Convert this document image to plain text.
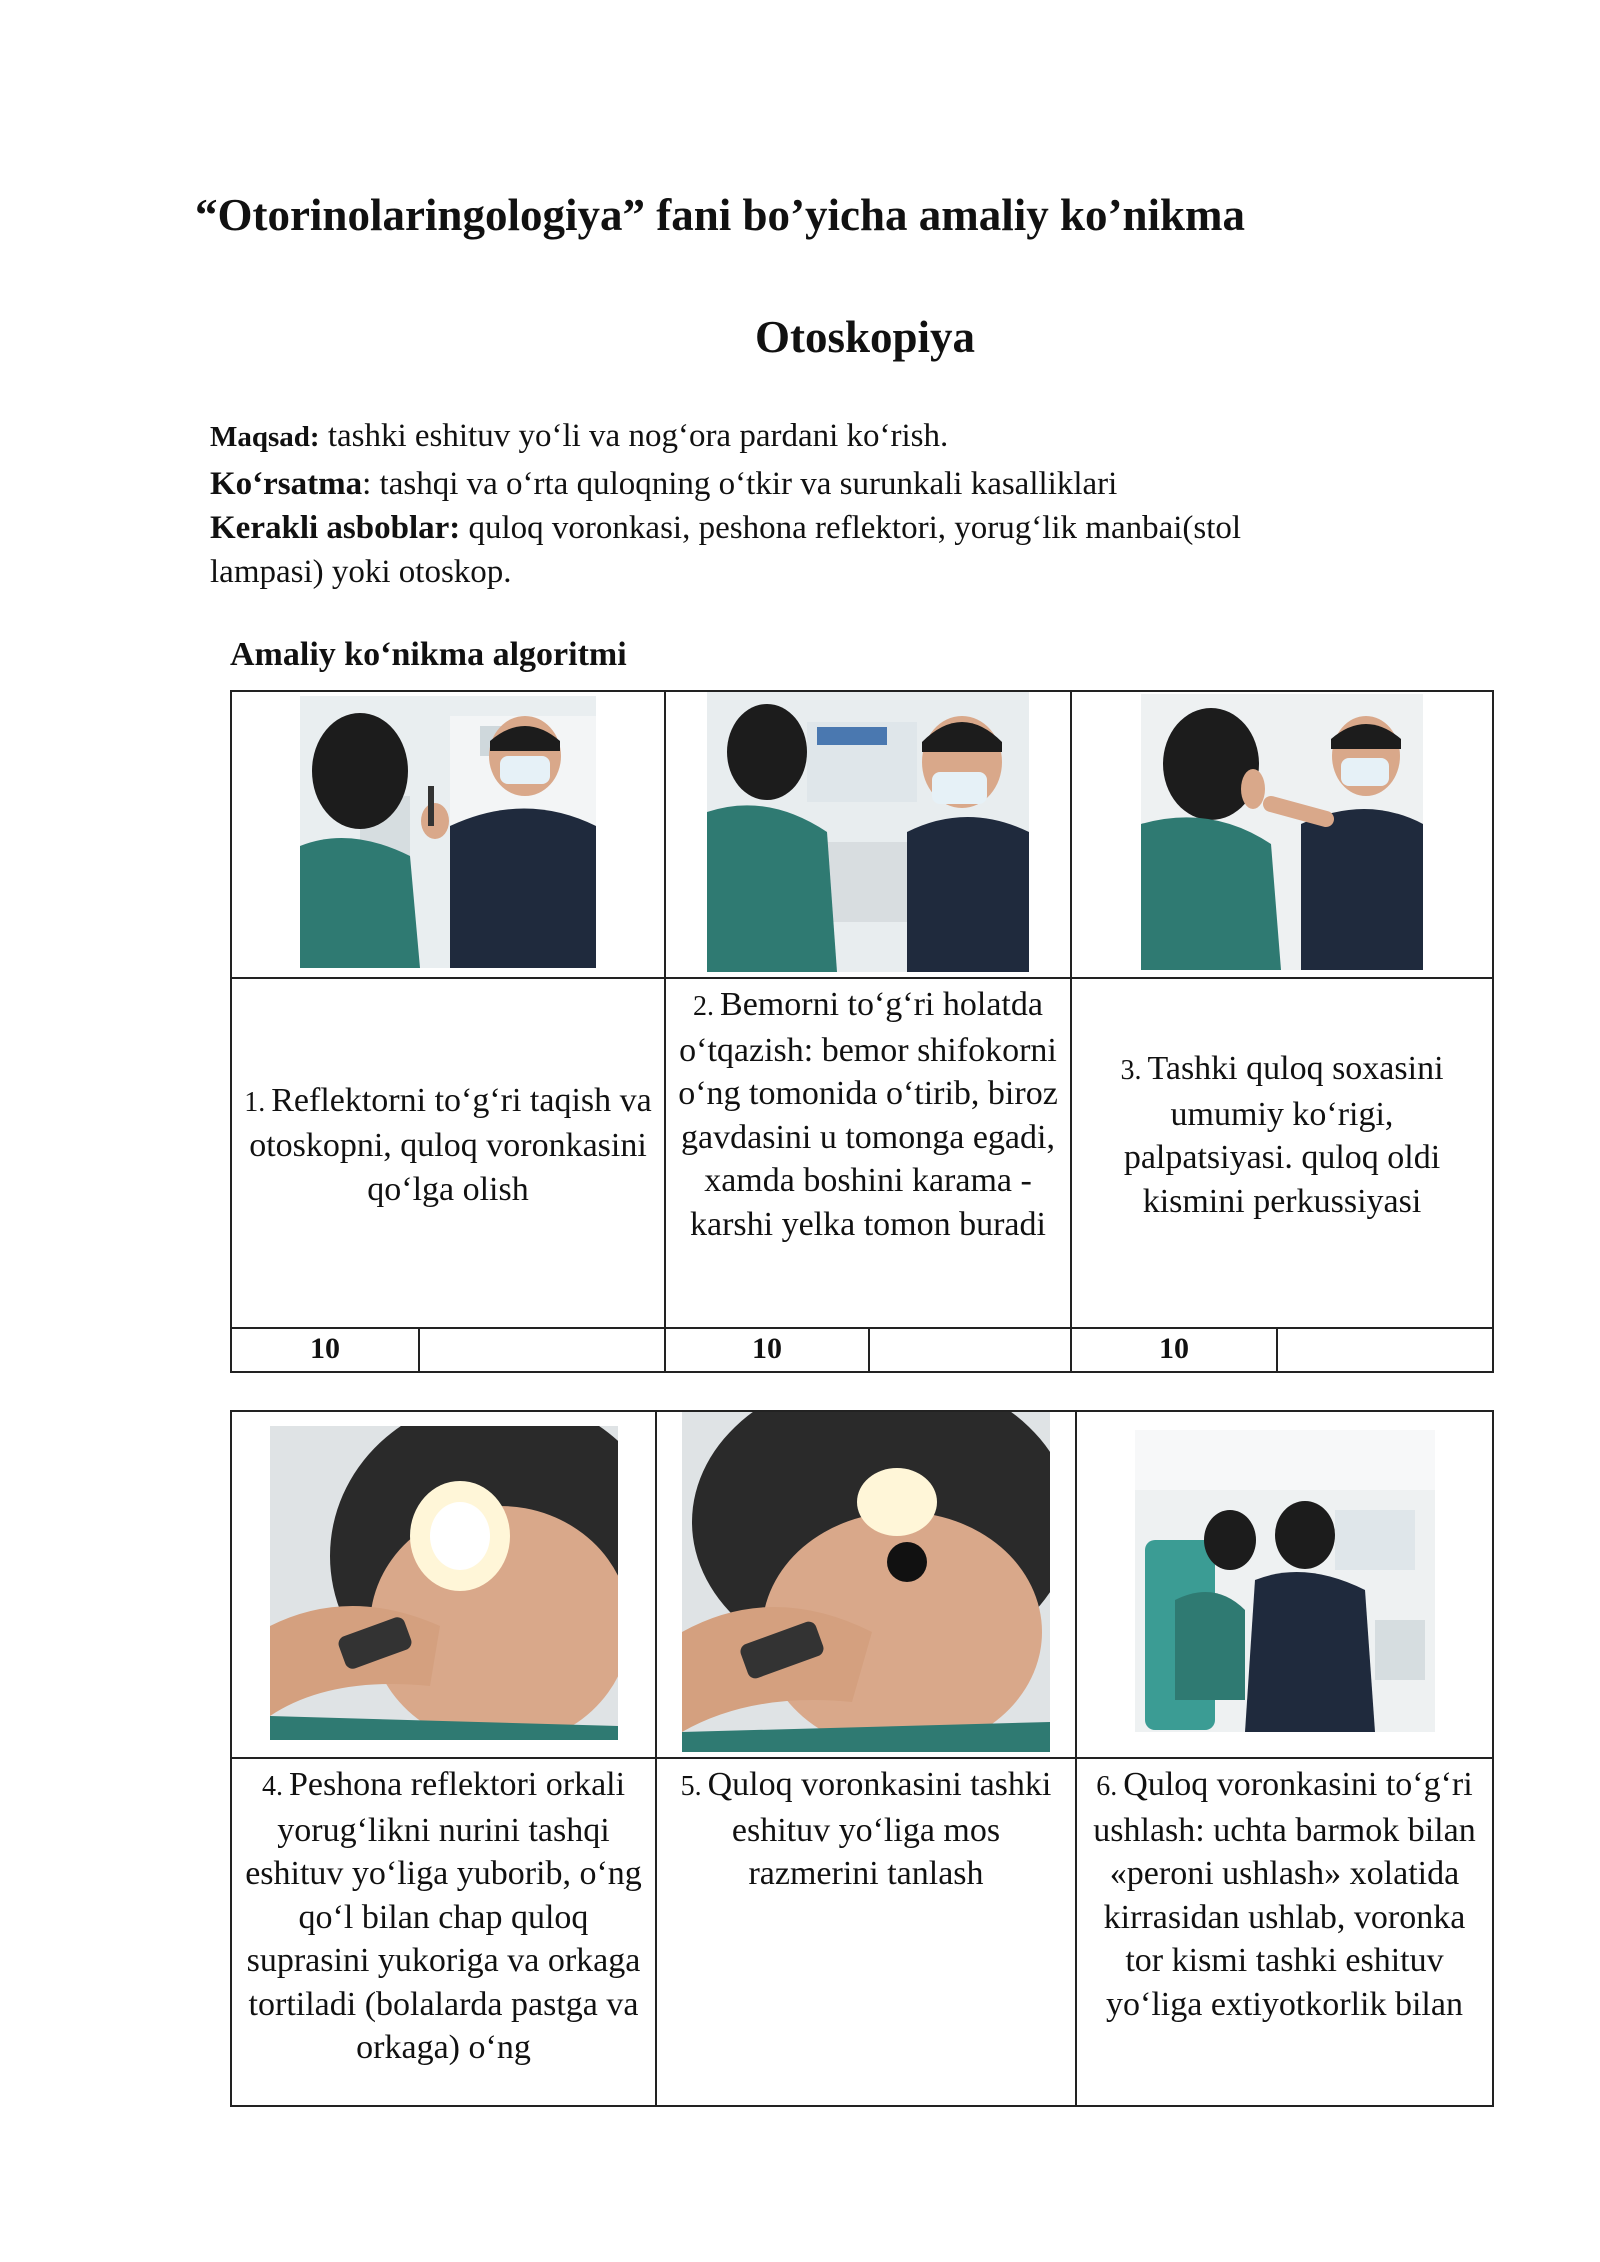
“Otorinolaringologiya” fani bo’yicha amaliy ko’nikma
Otoskopiya

Maqsad: tashki eshituv yo‘li va nog‘ora pardani ko‘rish.

Ko‘rsatma: tashqi va o‘rta quloqning o‘tkir va surunkali kasalliklari

Kerakli asboblar: quloq voronkasi, peshona reflektori, yorug‘lik manbai(stol

lampasi) yoki otoskop.

Amaliy ko‘nikma algoritmi

1. Reflektorni to‘g‘ri taqish va otoskopni, quloq voronkasini qo‘lga olish		2. Bemorni to‘g‘ri holatda o‘tqazish: bemor shifokorni o‘ng tomonida o‘tirib, biroz gavdasini u tomonga egadi, xamda boshini karama - karshi yelka tomon buradi		3. Tashki quloq soxasini umumiy ko‘rigi, palpatsiyasi. quloq oldi kismini perkussiyasi	

10		10		10	

4. Peshona reflektori orkali yorug‘likni nurini tashqi eshituv yo‘liga yuborib, o‘ng qo‘l bilan chap quloq suprasini yukoriga va orkaga tortiladi (bolalarda pastga va orkaga) o‘ng	5. Quloq voronkasini tashki eshituv yo‘liga mos razmerini tanlash	6. Quloq voronkasini to‘g‘ri ushlash: uchta barmok bilan «peroni ushlash» xolatida kirrasidan ushlab, voronka tor kismi tashki eshituv yo‘liga extiyotkorlik bilan
